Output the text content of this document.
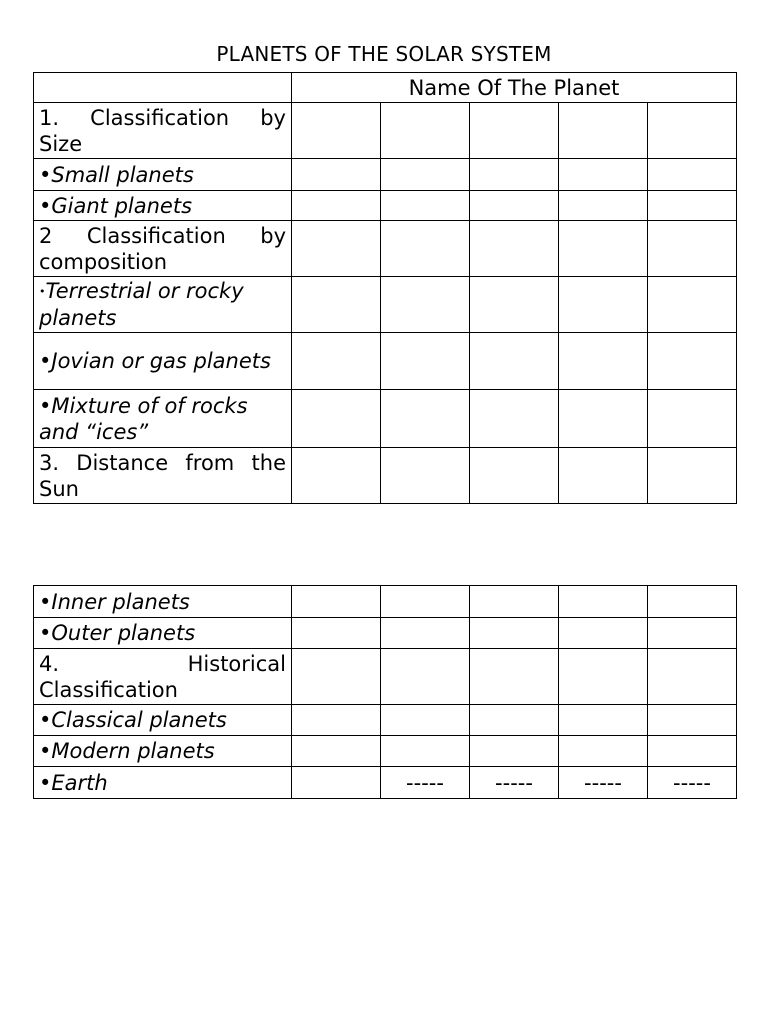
PLANETS OF THE SOLAR SYSTEM
	Name Of The Planet				
1. Classification by Size					
•Small planets					
•Giant planets					
2 Classification by composition					
•Terrestrial or rocky planets					
•Jovian or gas planets					
•Mixture of of rocks and “ices”					
3. Distance from the Sun					
•Inner planets					
•Outer planets					
4. Historical Classification					
•Classical planets					
•Modern planets					
•Earth		-----	-----	-----	-----
